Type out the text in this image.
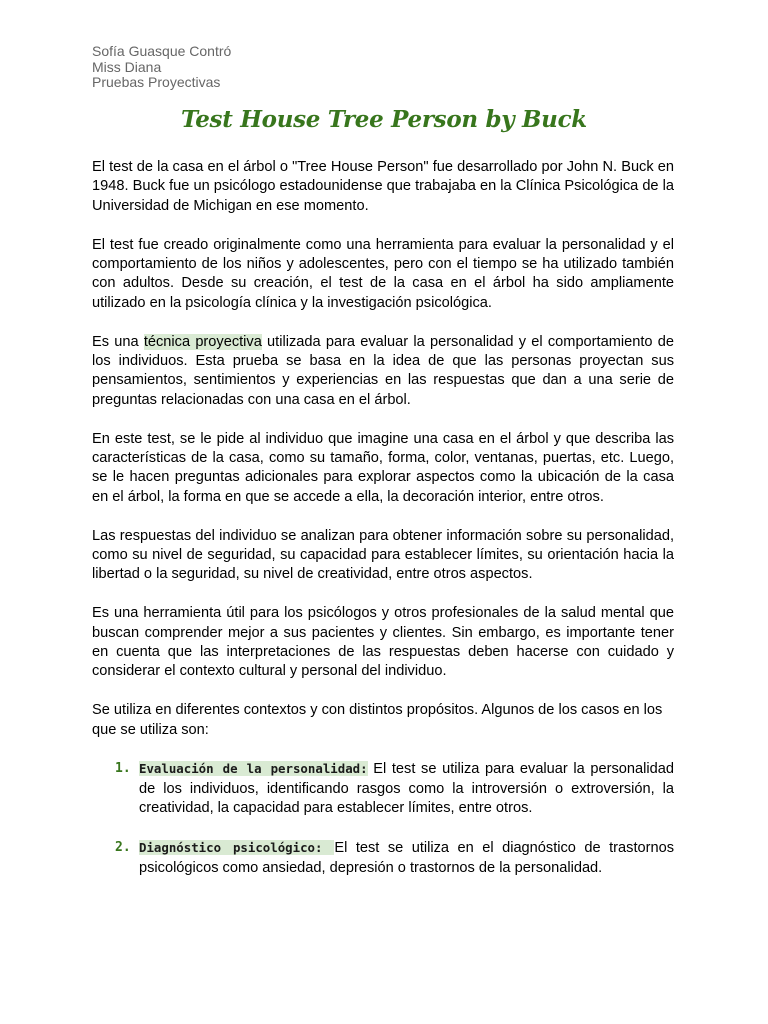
Sofía Guasque Contró
Miss Diana
Pruebas Proyectivas
Test House Tree Person by Buck

El test de la casa en el árbol o "Tree House Person" fue desarrollado por John N. Buck en 1948. Buck fue un psicólogo estadounidense que trabajaba en la Clínica Psicológica de la Universidad de Michigan en ese momento.

El test fue creado originalmente como una herramienta para evaluar la personalidad y el comportamiento de los niños y adolescentes, pero con el tiempo se ha utilizado también con adultos. Desde su creación, el test de la casa en el árbol ha sido ampliamente utilizado en la psicología clínica y la investigación psicológica.

Es una técnica proyectiva utilizada para evaluar la personalidad y el comportamiento de los individuos. Esta prueba se basa en la idea de que las personas proyectan sus pensamientos, sentimientos y experiencias en las respuestas que dan a una serie de preguntas relacionadas con una casa en el árbol.

En este test, se le pide al individuo que imagine una casa en el árbol y que describa las características de la casa, como su tamaño, forma, color, ventanas, puertas, etc. Luego, se le hacen preguntas adicionales para explorar aspectos como la ubicación de la casa en el árbol, la forma en que se accede a ella, la decoración interior, entre otros.

Las respuestas del individuo se analizan para obtener información sobre su personalidad, como su nivel de seguridad, su capacidad para establecer límites, su orientación hacia la libertad o la seguridad, su nivel de creatividad, entre otros aspectos.

Es una herramienta útil para los psicólogos y otros profesionales de la salud mental que buscan comprender mejor a sus pacientes y clientes. Sin embargo, es importante tener en cuenta que las interpretaciones de las respuestas deben hacerse con cuidado y considerar el contexto cultural y personal del individuo.

Se utiliza en diferentes contextos y con distintos propósitos. Algunos de los casos en los que se utiliza son:

1. Evaluación de la personalidad: El test se utiliza para evaluar la personalidad de los individuos, identificando rasgos como la introversión o extroversión, la creatividad, la capacidad para establecer límites, entre otros.
2. Diagnóstico psicológico: El test se utiliza en el diagnóstico de trastornos psicológicos como ansiedad, depresión o trastornos de la personalidad.
